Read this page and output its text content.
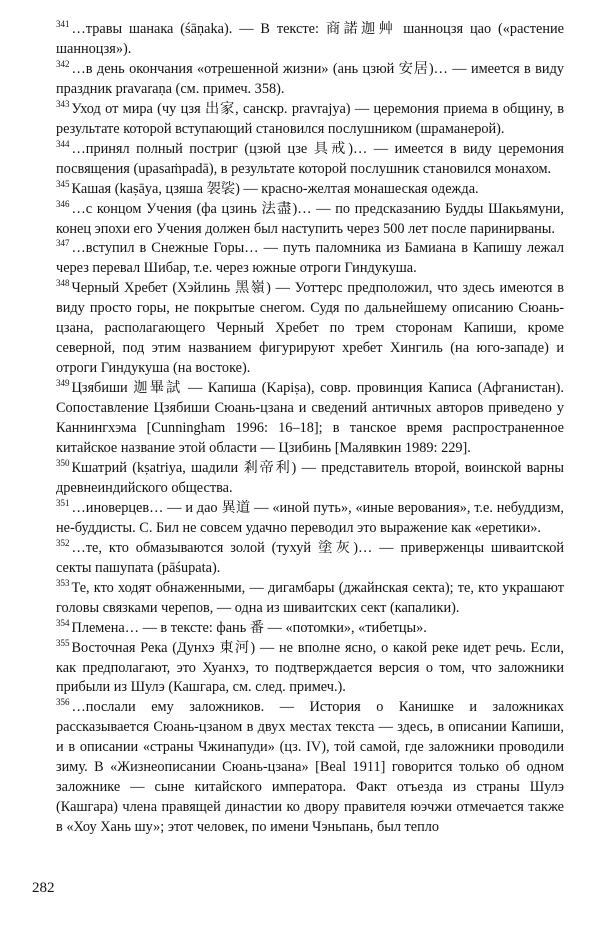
$^{341}$ …травы шанака (śāṇaka). — В тексте: 商諾迦艸 шанноцзя цао («растение шанноцзя»).

$^{342}$ …в день окончания «отрешенной жизни» (ань цзюй 安居)… — имеется в виду праздник pravaraṇa (см. примеч. 358).

$^{343}$ Уход от мира (чу цзя 出家, санскр. pravrajya) — церемония приема в общину, в результате которой вступающий становился послушником (шраманерой).

$^{344}$ …принял полный постриг (цзюй цзе 具戒)… — имеется в виду церемония посвящения (upasaṁpadā), в результате которой послушник становился монахом.

$^{345}$ Кашая (kaṣāya, цзяша 袈裟) — красно-желтая монашеская одежда.

$^{346}$ …с концом Учения (фа цзинь 法盡)… — по предсказанию Будды Шакьямуни, конец эпохи его Учения должен был наступить через 500 лет после паринирваны.

$^{347}$ …вступил в Снежные Горы… — путь паломника из Бамиана в Капишу лежал через перевал Шибар, т.е. через южные отроги Гиндукуша.

$^{348}$ Черный Хребет (Хэйлинь 黑嶺) — Уоттерс предположил, что здесь имеются в виду просто горы, не покрытые снегом. Судя по дальнейшему описанию Сюань-цзана, располагающего Черный Хребет по трем сторонам Капиши, кроме северной, под этим названием фигурируют хребет Хингиль (на юго-западе) и отроги Гиндукуша (на востоке).

$^{349}$ Цзябиши 迦畢試 — Капиша (Kapiṣa), совр. провинция Каписа (Афганистан). Сопоставление Цзябиши Сюань-цзана и сведений античных авторов приведено у Каннингхэма [Cunningham 1996: 16–18]; в танское время распространенное китайское название этой области — Цзибинь [Малявкин 1989: 229].

$^{350}$ Кшатрий (kṣatriya, шадили 剎帝利) — представитель второй, воинской варны древнеиндийского общества.

$^{351}$ …иноверцев… — и дао 異道 — «иной путь», «иные верования», т.е. небуддизм, не-буддисты. С. Бил не совсем удачно переводил это выражение как «еретики».

$^{352}$ …те, кто обмазываются золой (тухуй 塗灰)… — приверженцы шиваитской секты пашупата (pāśupata).

$^{353}$ Те, кто ходят обнаженными, — дигамбары (джайнская секта); те, кто украшают головы связками черепов, — одна из шиваитских сект (капалики).

$^{354}$ Племена… — в тексте: фань 番 — «потомки», «тибетцы».

$^{355}$ Восточная Река (Дунхэ 東河) — не вполне ясно, о какой реке идет речь. Если, как предполагают, это Хуанхэ, то подтверждается версия о том, что заложники прибыли из Шулэ (Кашгара, см. след. примеч.).

$^{356}$ …послали ему заложников. — История о Канишке и заложниках рассказывается Сюань-цзаном в двух местах текста — здесь, в описании Капиши, и в описании «страны Чжинапуди» (цз. IV), той самой, где заложники проводили зиму. В «Жизнеописании Сюань-цзана» [Beal 1911] говорится только об одном заложнике — сыне китайского императора. Факт отъезда из страны Шулэ (Кашгара) члена правящей династии ко двору правителя юэчжи отмечается также в «Хоу Хань шу»; этот человек, по имени Чэньпань, был тепло

282
